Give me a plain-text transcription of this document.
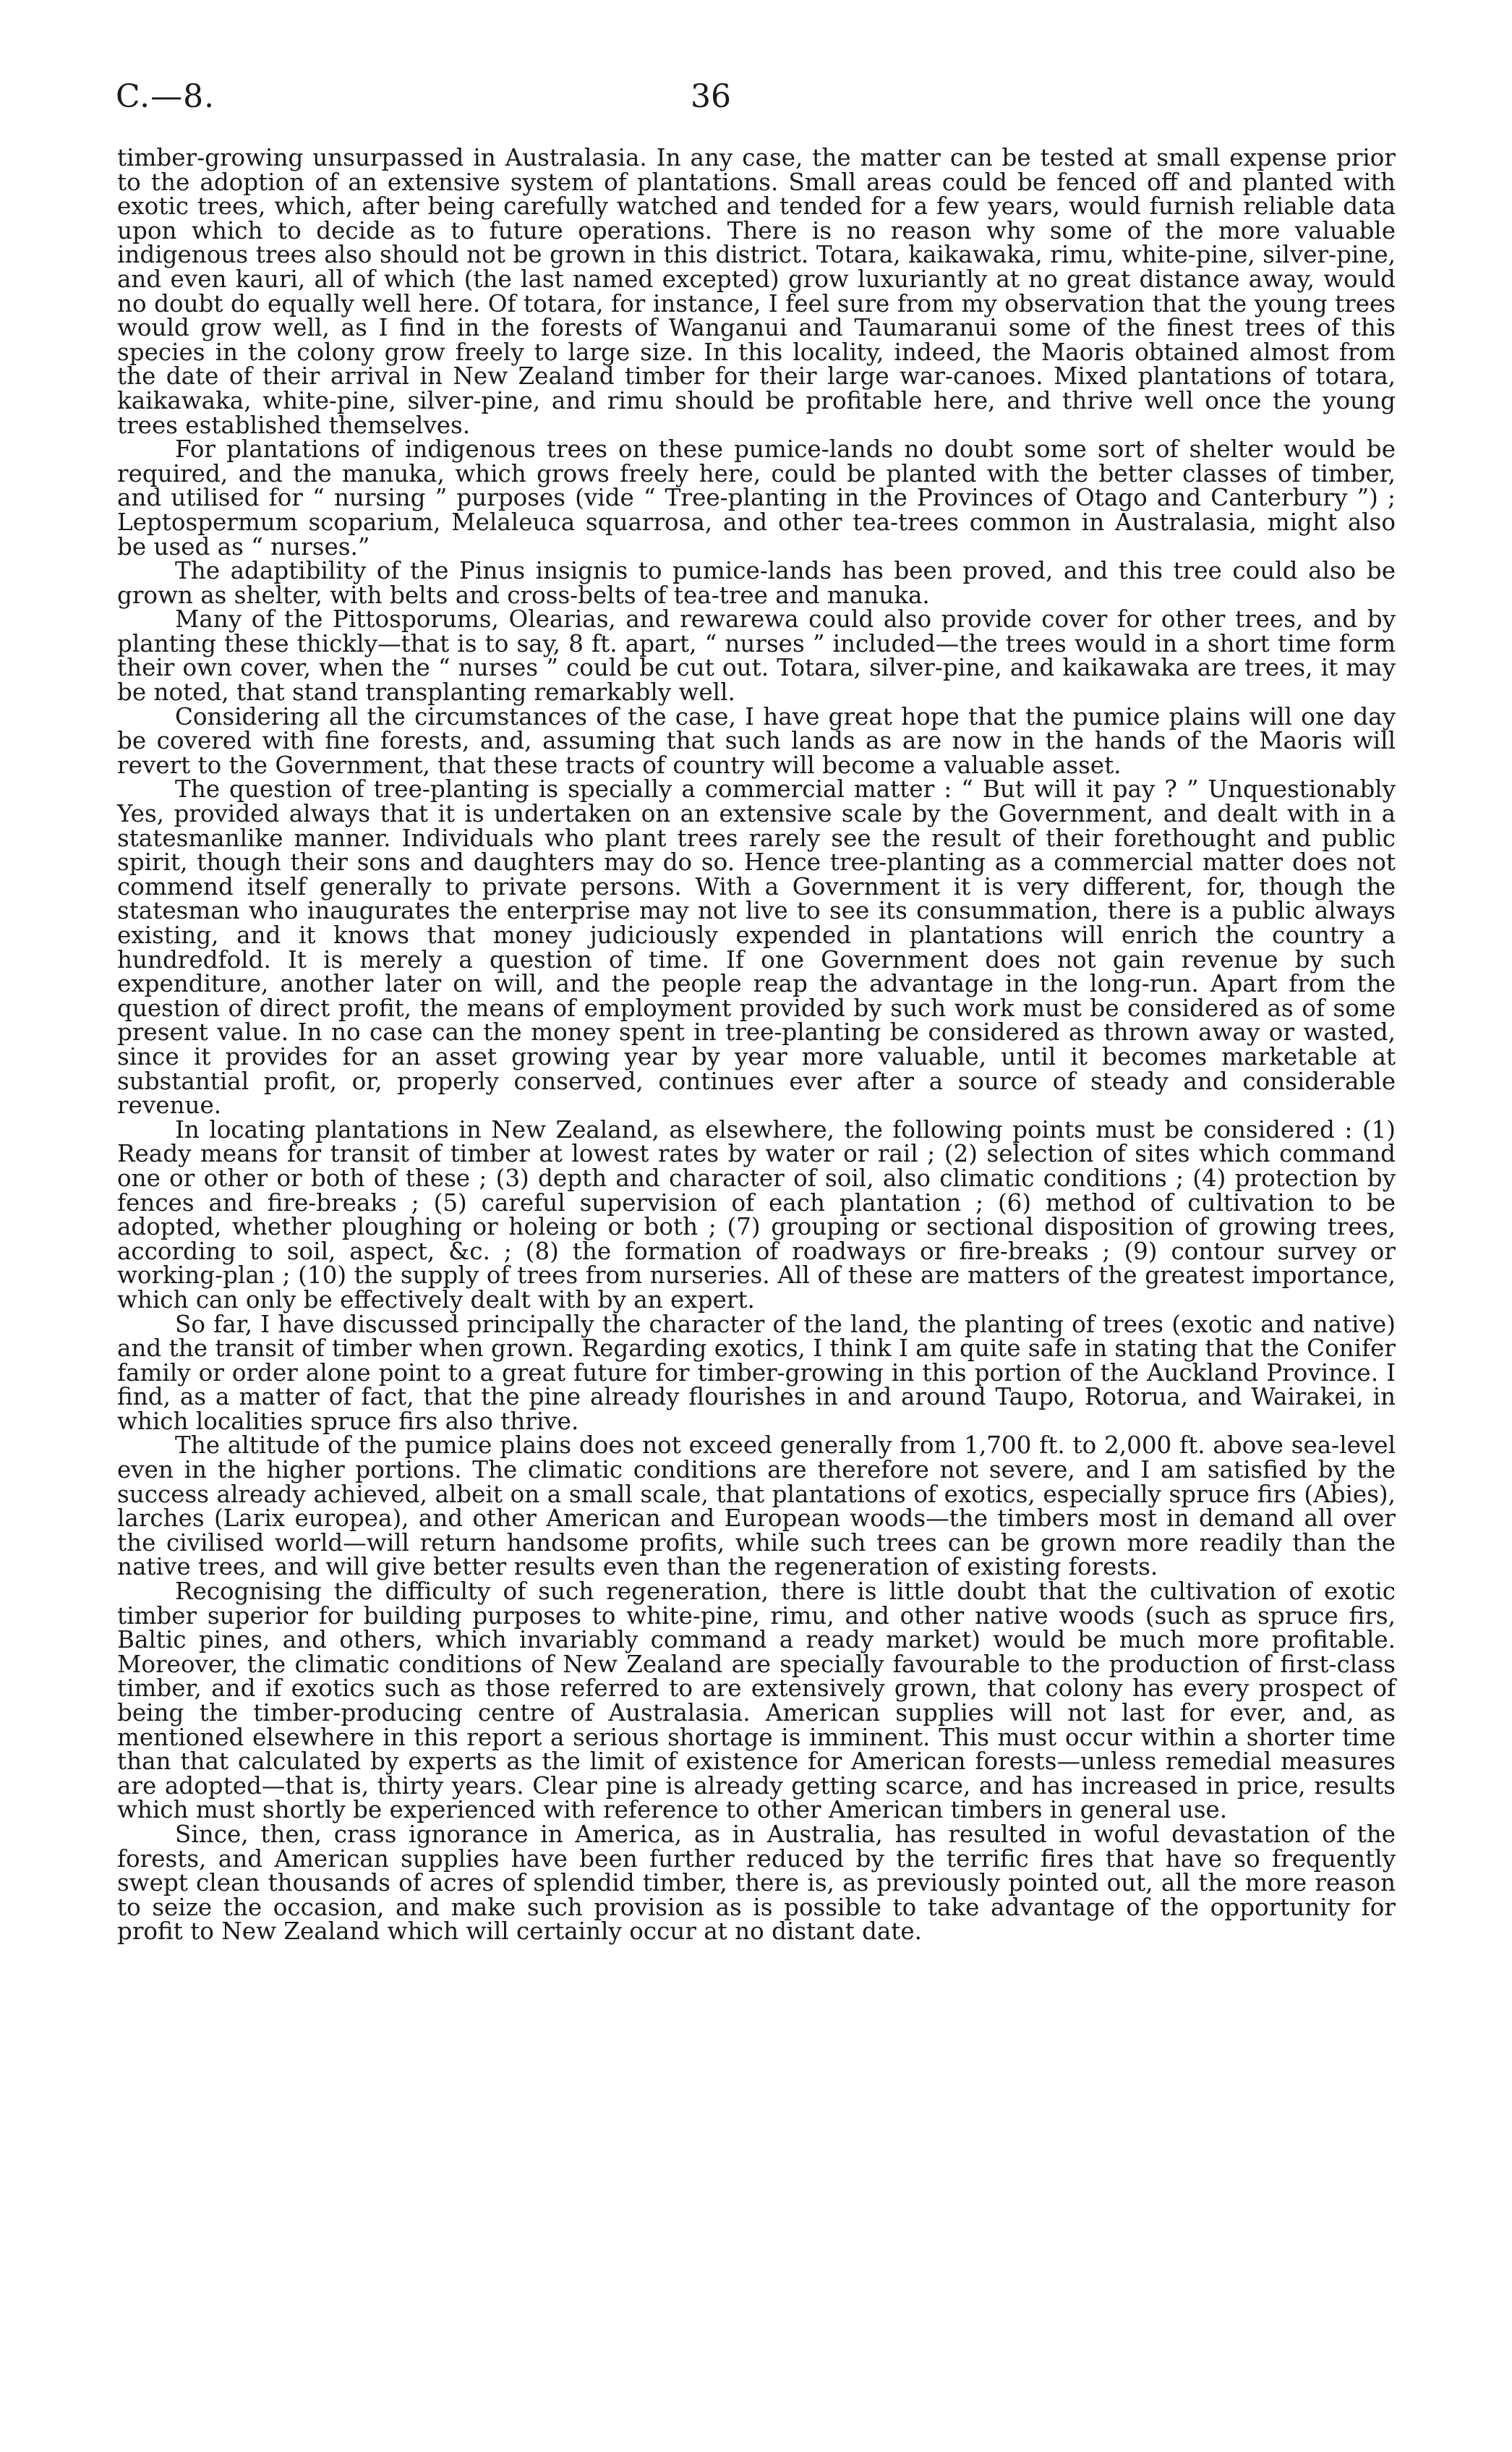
C.—8.	36

timber-growing unsurpassed in Australasia. In any case, the matter can be tested at small expense prior to the adoption of an extensive system of plantations. Small areas could be fenced off and planted with exotic trees, which, after being carefully watched and tended for a few years, would furnish reliable data upon which to decide as to future operations. There is no reason why some of the more valuable indigenous trees also should not be grown in this district. Totara, kaikawaka, rimu, white-pine, silver-pine, and even kauri, all of which (the last named excepted) grow luxuriantly at no great distance away, would no doubt do equally well here. Of totara, for instance, I feel sure from my observation that the young trees would grow well, as I find in the forests of Wanganui and Taumaranui some of the finest trees of this species in the colony grow freely to large size. In this locality, indeed, the Maoris obtained almost from the date of their arrival in New Zealand timber for their large war-canoes. Mixed plantations of totara, kaikawaka, white-pine, silver-pine, and rimu should be profitable here, and thrive well once the young trees established themselves.

For plantations of indigenous trees on these pumice-lands no doubt some sort of shelter would be required, and the manuka, which grows freely here, could be planted with the better classes of timber, and utilised for “ nursing ” purposes (vide “ Tree-planting in the Provinces of Otago and Canterbury ”) ; Leptospermum scoparium, Melaleuca squarrosa, and other tea-trees common in Australasia, might also be used as “ nurses.”

The adaptibility of the Pinus insignis to pumice-lands has been proved, and this tree could also be grown as shelter, with belts and cross-belts of tea-tree and manuka.

Many of the Pittosporums, Olearias, and rewarewa could also provide cover for other trees, and by planting these thickly—that is to say, 8 ft. apart, “ nurses ” included—the trees would in a short time form their own cover, when the “ nurses ” could be cut out. Totara, silver-pine, and kaikawaka are trees, it may be noted, that stand transplanting remarkably well.

Considering all the circumstances of the case, I have great hope that the pumice plains will one day be covered with fine forests, and, assuming that such lands as are now in the hands of the Maoris will revert to the Government, that these tracts of country will become a valuable asset.

The question of tree-planting is specially a commercial matter : “ But will it pay ? ” Unquestionably Yes, provided always that it is undertaken on an extensive scale by the Government, and dealt with in a statesmanlike manner. Individuals who plant trees rarely see the result of their forethought and public spirit, though their sons and daughters may do so. Hence tree-planting as a commercial matter does not commend itself generally to private persons. With a Government it is very different, for, though the statesman who inaugurates the enterprise may not live to see its consummation, there is a public always existing, and it knows that money judiciously expended in plantations will enrich the country a hundredfold. It is merely a question of time. If one Government does not gain revenue by such expenditure, another later on will, and the people reap the advantage in the long-run. Apart from the question of direct profit, the means of employment provided by such work must be considered as of some present value. In no case can the money spent in tree-planting be considered as thrown away or wasted, since it provides for an asset growing year by year more valuable, until it becomes marketable at substantial profit, or, properly conserved, continues ever after a source of steady and considerable revenue.

In locating plantations in New Zealand, as elsewhere, the following points must be considered : (1) Ready means for transit of timber at lowest rates by water or rail ; (2) selection of sites which command one or other or both of these ; (3) depth and character of soil, also climatic conditions ; (4) protection by fences and fire-breaks ; (5) careful supervision of each plantation ; (6) method of cultivation to be adopted, whether ploughing or holeing or both ; (7) grouping or sectional disposition of growing trees, according to soil, aspect, &c. ; (8) the formation of roadways or fire-breaks ; (9) contour survey or working-plan ; (10) the supply of trees from nurseries. All of these are matters of the greatest importance, which can only be effectively dealt with by an expert.

So far, I have discussed principally the character of the land, the planting of trees (exotic and native) and the transit of timber when grown. Regarding exotics, I think I am quite safe in stating that the Conifer family or order alone point to a great future for timber-growing in this portion of the Auckland Province. I find, as a matter of fact, that the pine already flourishes in and around Taupo, Rotorua, and Wairakei, in which localities spruce firs also thrive.

The altitude of the pumice plains does not exceed generally from 1,700 ft. to 2,000 ft. above sea-level even in the higher portions. The climatic conditions are therefore not severe, and I am satisfied by the success already achieved, albeit on a small scale, that plantations of exotics, especially spruce firs (Abies), larches (Larix europea), and other American and European woods—the timbers most in demand all over the civilised world—will return handsome profits, while such trees can be grown more readily than the native trees, and will give better results even than the regeneration of existing forests.

Recognising the difficulty of such regeneration, there is little doubt that the cultivation of exotic timber superior for building purposes to white-pine, rimu, and other native woods (such as spruce firs, Baltic pines, and others, which invariably command a ready market) would be much more profitable. Moreover, the climatic conditions of New Zealand are specially favourable to the production of first-class timber, and if exotics such as those referred to are extensively grown, that colony has every prospect of being the timber-producing centre of Australasia. American supplies will not last for ever, and, as mentioned elsewhere in this report a serious shortage is imminent. This must occur within a shorter time than that calculated by experts as the limit of existence for American forests—unless remedial measures are adopted—that is, thirty years. Clear pine is already getting scarce, and has increased in price, results which must shortly be experienced with reference to other American timbers in general use.

Since, then, crass ignorance in America, as in Australia, has resulted in woful devastation of the forests, and American supplies have been further reduced by the terrific fires that have so frequently swept clean thousands of acres of splendid timber, there is, as previously pointed out, all the more reason to seize the occasion, and make such provision as is possible to take advantage of the opportunity for profit to New Zealand which will certainly occur at no distant date.
